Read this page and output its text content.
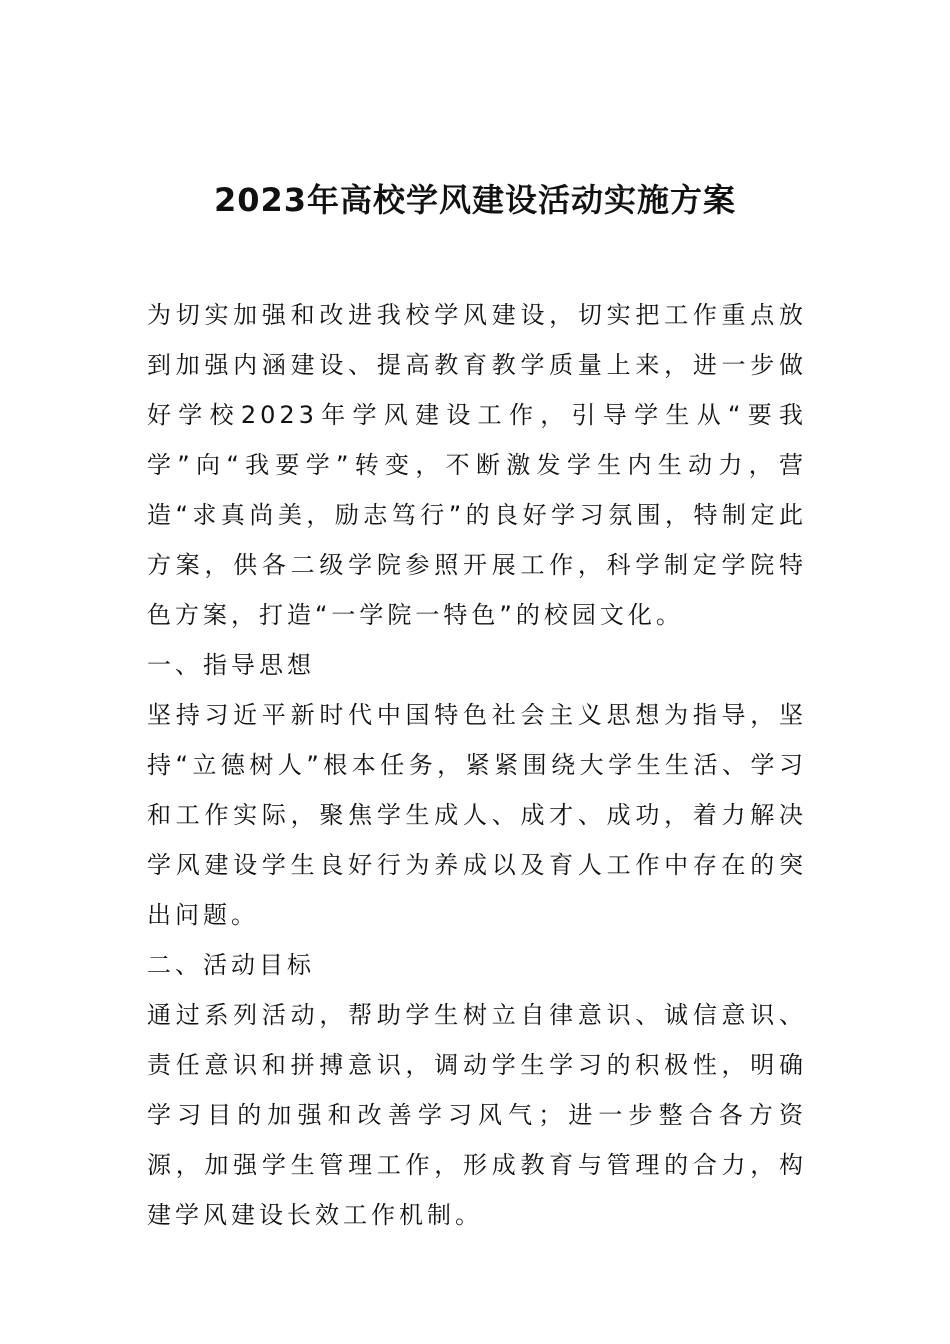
2023年高校学风建设活动实施方案

为切实加强和改进我校学风建设，切实把工作重点放到加强内涵建设、提高教育教学质量上来，进一步做好学校2023年学风建设工作，引导学生从“要我学”向“我要学”转变，不断激发学生内生动力，营造“求真尚美，励志笃行”的良好学习氛围，特制定此方案，供各二级学院参照开展工作，科学制定学院特色方案，打造“一学院一特色”的校园文化。

一、指导思想

坚持习近平新时代中国特色社会主义思想为指导，坚持“立德树人”根本任务，紧紧围绕大学生生活、学习和工作实际，聚焦学生成人、成才、成功，着力解决学风建设学生良好行为养成以及育人工作中存在的突出问题。

二、活动目标

通过系列活动，帮助学生树立自律意识、诚信意识、责任意识和拼搏意识，调动学生学习的积极性，明确学习目的加强和改善学习风气；进一步整合各方资源，加强学生管理工作，形成教育与管理的合力，构建学风建设长效工作机制。
